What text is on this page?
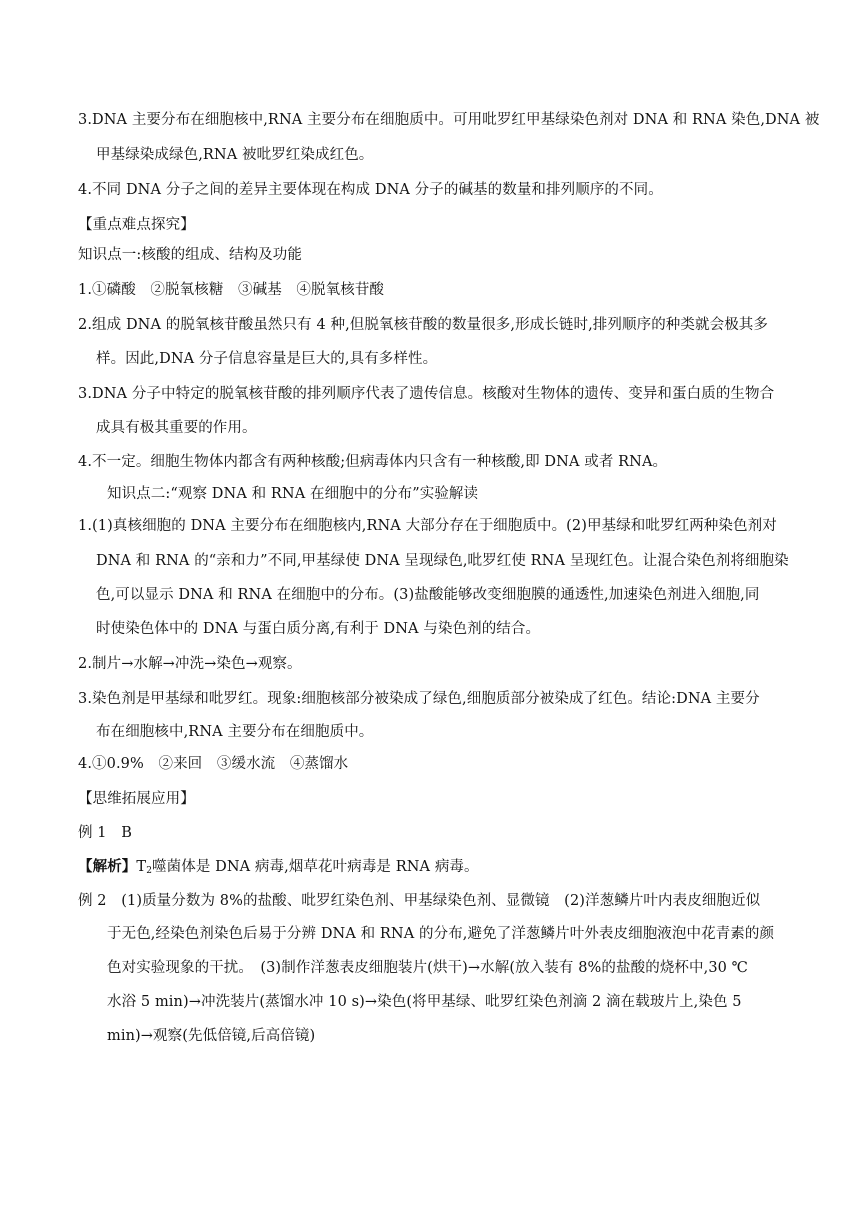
3.DNA 主要分布在细胞核中,RNA 主要分布在细胞质中。可用吡罗红甲基绿染色剂对 DNA 和 RNA 染色,DNA 被
甲基绿染成绿色,RNA 被吡罗红染成红色。
4.不同 DNA 分子之间的差异主要体现在构成 DNA 分子的碱基的数量和排列顺序的不同。
【重点难点探究】
知识点一:核酸的组成、结构及功能
1.①磷酸　②脱氧核糖　③碱基　④脱氧核苷酸
2.组成 DNA 的脱氧核苷酸虽然只有 4 种,但脱氧核苷酸的数量很多,形成长链时,排列顺序的种类就会极其多
样。因此,DNA 分子信息容量是巨大的,具有多样性。
3.DNA 分子中特定的脱氧核苷酸的排列顺序代表了遗传信息。核酸对生物体的遗传、变异和蛋白质的生物合
成具有极其重要的作用。
4.不一定。细胞生物体内都含有两种核酸;但病毒体内只含有一种核酸,即 DNA 或者 RNA。
知识点二:“观察 DNA 和 RNA 在细胞中的分布”实验解读
1.(1)真核细胞的 DNA 主要分布在细胞核内,RNA 大部分存在于细胞质中。(2)甲基绿和吡罗红两种染色剂对
DNA 和 RNA 的“亲和力”不同,甲基绿使 DNA 呈现绿色,吡罗红使 RNA 呈现红色。让混合染色剂将细胞染
色,可以显示 DNA 和 RNA 在细胞中的分布。(3)盐酸能够改变细胞膜的通透性,加速染色剂进入细胞,同
时使染色体中的 DNA 与蛋白质分离,有利于 DNA 与染色剂的结合。
2.制片→水解→冲洗→染色→观察。
3.染色剂是甲基绿和吡罗红。现象:细胞核部分被染成了绿色,细胞质部分被染成了红色。结论:DNA 主要分
布在细胞核中,RNA 主要分布在细胞质中。
4.①0.9%　②来回　③缓水流　④蒸馏水
【思维拓展应用】
例 1　B
【解析】$T_2$噬菌体是 DNA 病毒,烟草花叶病毒是 RNA 病毒。
例 2　(1)质量分数为 8%的盐酸、吡罗红染色剂、甲基绿染色剂、显微镜　(2)洋葱鳞片叶内表皮细胞近似
于无色,经染色剂染色后易于分辨 DNA 和 RNA 的分布,避免了洋葱鳞片叶外表皮细胞液泡中花青素的颜
色对实验现象的干扰。　(3)制作洋葱表皮细胞装片(烘干)→水解(放入装有 8%的盐酸的烧杯中,30 ℃
水浴 5 min)→冲洗装片(蒸馏水冲 10 s)→染色(将甲基绿、吡罗红染色剂滴 2 滴在载玻片上,染色 5
min)→观察(先低倍镜,后高倍镜)
